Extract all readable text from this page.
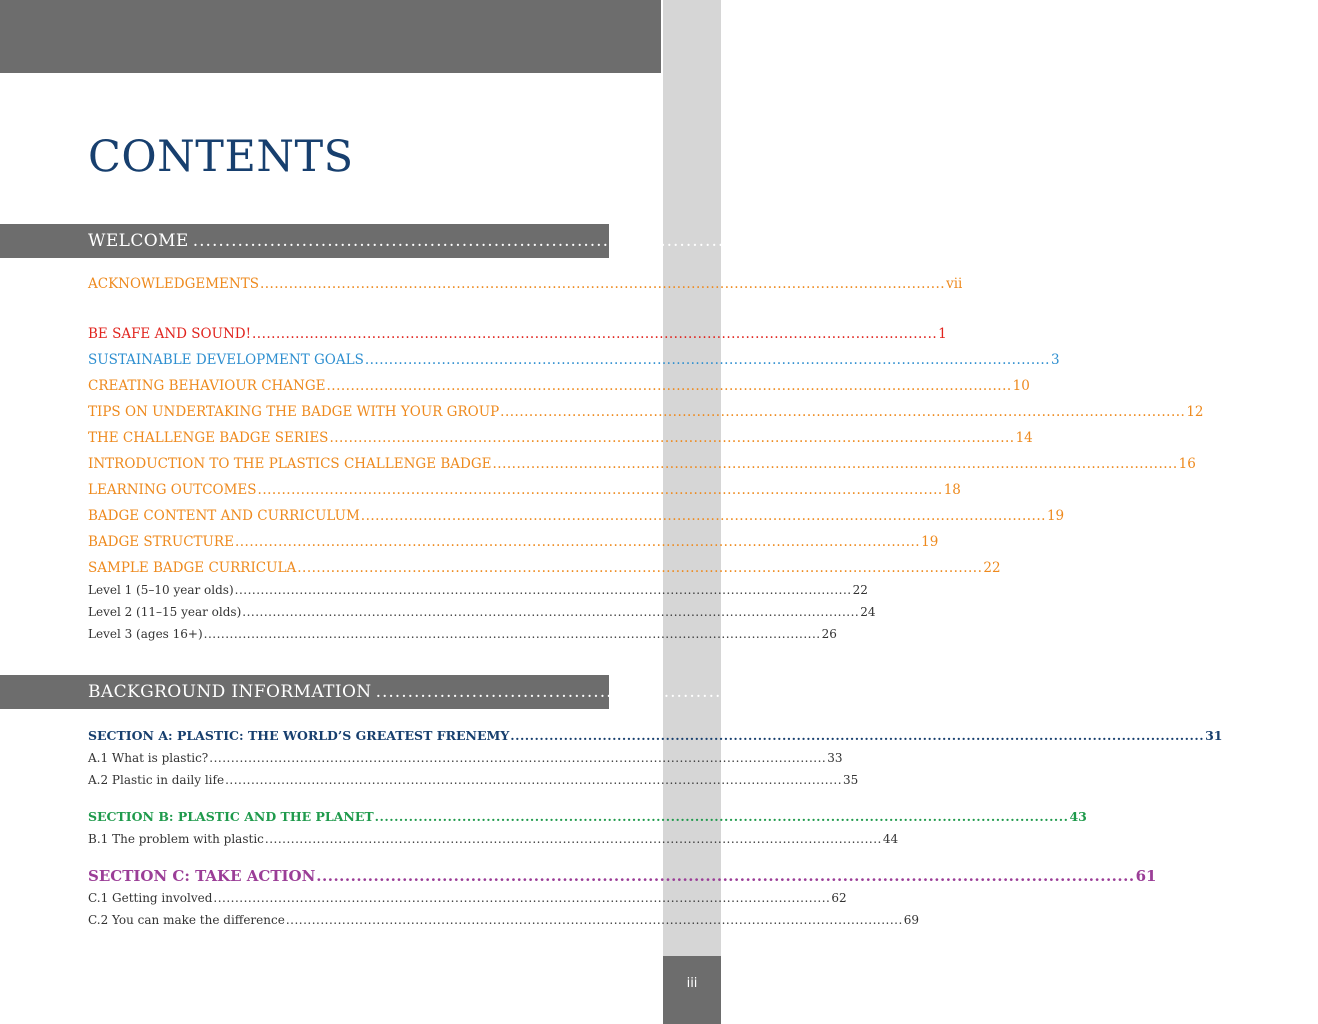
iii
CONTENTS
WELCOME ............................................................................................................................................... v
ACKNOWLEDGEMENTS ............................................................................................................................................... vii
BE SAFE AND SOUND! ............................................................................................................................................... 1
SUSTAINABLE DEVELOPMENT GOALS ............................................................................................................................................... 3
CREATING BEHAVIOUR CHANGE ............................................................................................................................................... 10
TIPS ON UNDERTAKING THE BADGE WITH YOUR GROUP ............................................................................................................................................... 12
THE CHALLENGE BADGE SERIES ............................................................................................................................................... 14
INTRODUCTION TO THE PLASTICS CHALLENGE BADGE ............................................................................................................................................... 16
LEARNING OUTCOMES ............................................................................................................................................... 18
BADGE CONTENT AND CURRICULUM ............................................................................................................................................... 19
BADGE STRUCTURE ............................................................................................................................................... 19
SAMPLE BADGE CURRICULA ............................................................................................................................................... 22
Level 1 (5–10 year olds) ............................................................................................................................................... 22
Level 2 (11–15 year olds) ............................................................................................................................................... 24
Level 3 (ages 16+) ............................................................................................................................................... 26
BACKGROUND INFORMATION ............................................................................................................................................... 28
SECTION A: PLASTIC: THE WORLD’S GREATEST FRENEMY ............................................................................................................................................... 31
A.1 What is plastic? ............................................................................................................................................... 33
A.2 Plastic in daily life ............................................................................................................................................... 35
SECTION B: PLASTIC AND THE PLANET ............................................................................................................................................... 43
B.1 The problem with plastic ............................................................................................................................................... 44
SECTION C: TAKE ACTION ............................................................................................................................................... 61
C.1 Getting involved ............................................................................................................................................... 62
C.2 You can make the difference ............................................................................................................................................... 69
